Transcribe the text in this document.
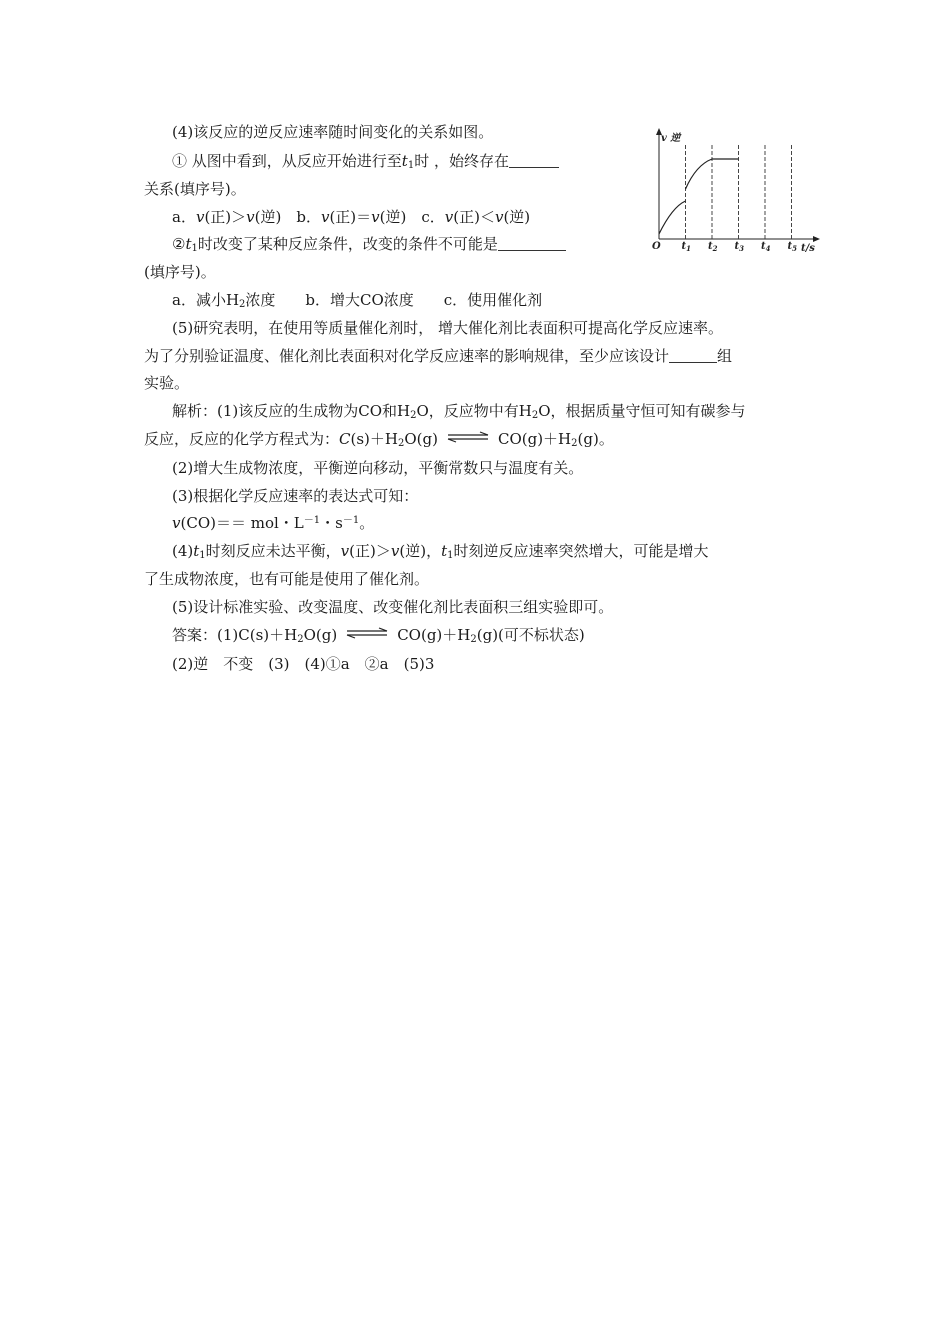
(4)该反应的逆反应速率随时间变化的关系如图。
① 从图中看到，从反应开始进行至$t_1$时 ，始终存在
关系(填序号)。
a．v(正)＞v(逆)　b．v(正)＝v(逆)　c．v(正)＜v(逆)
$②t_1$时改变了某种反应条件，改变的条件不可能是
(填序号)。
a．减小$H_2$浓度　　b．增大CO浓度　　c．使用催化剂
(5)研究表明，在使用等质量催化剂时， 增大催化剂比表面积可提高化学反应速率。
为了分别验证温度、催化剂比表面积对化学反应速率的影响规律，至少应该设计	组
实验。
解析：(1)该反应的生成物为CO和$H_2O$，反应物中有$H_2O$，根据质量守恒可知有碳参与
反应，反应的化学方程式为：$C(s)+H_2O(g)$ ⇌ $CO(g)+H_2(g)$。
(2)增大生成物浓度，平衡逆向移动，平衡常数只与温度有关。
(3)根据化学反应速率的表达式可知：
v(CO)＝＝ mol・$L^{-1}$・$s^{-1}$。
$(4)t_1$时刻反应未达平衡，v(正)＞v(逆)，$t_1$时刻逆反应速率突然增大，可能是增大
了生成物浓度，也有可能是使用了催化剂。
(5)设计标准实验、改变温度、改变催化剂比表面积三组实验即可。
答案：$(1)C(s)+H_2O(g)$ ⇌ $CO(g)+H_2(g)$(可不标状态)
(2)逆　不变　(3)　(4)①a　②a　(5)3
$t_1$ $t_2$ $t_3$ $t_4$ $t_5$
v 逆
t/s
O
